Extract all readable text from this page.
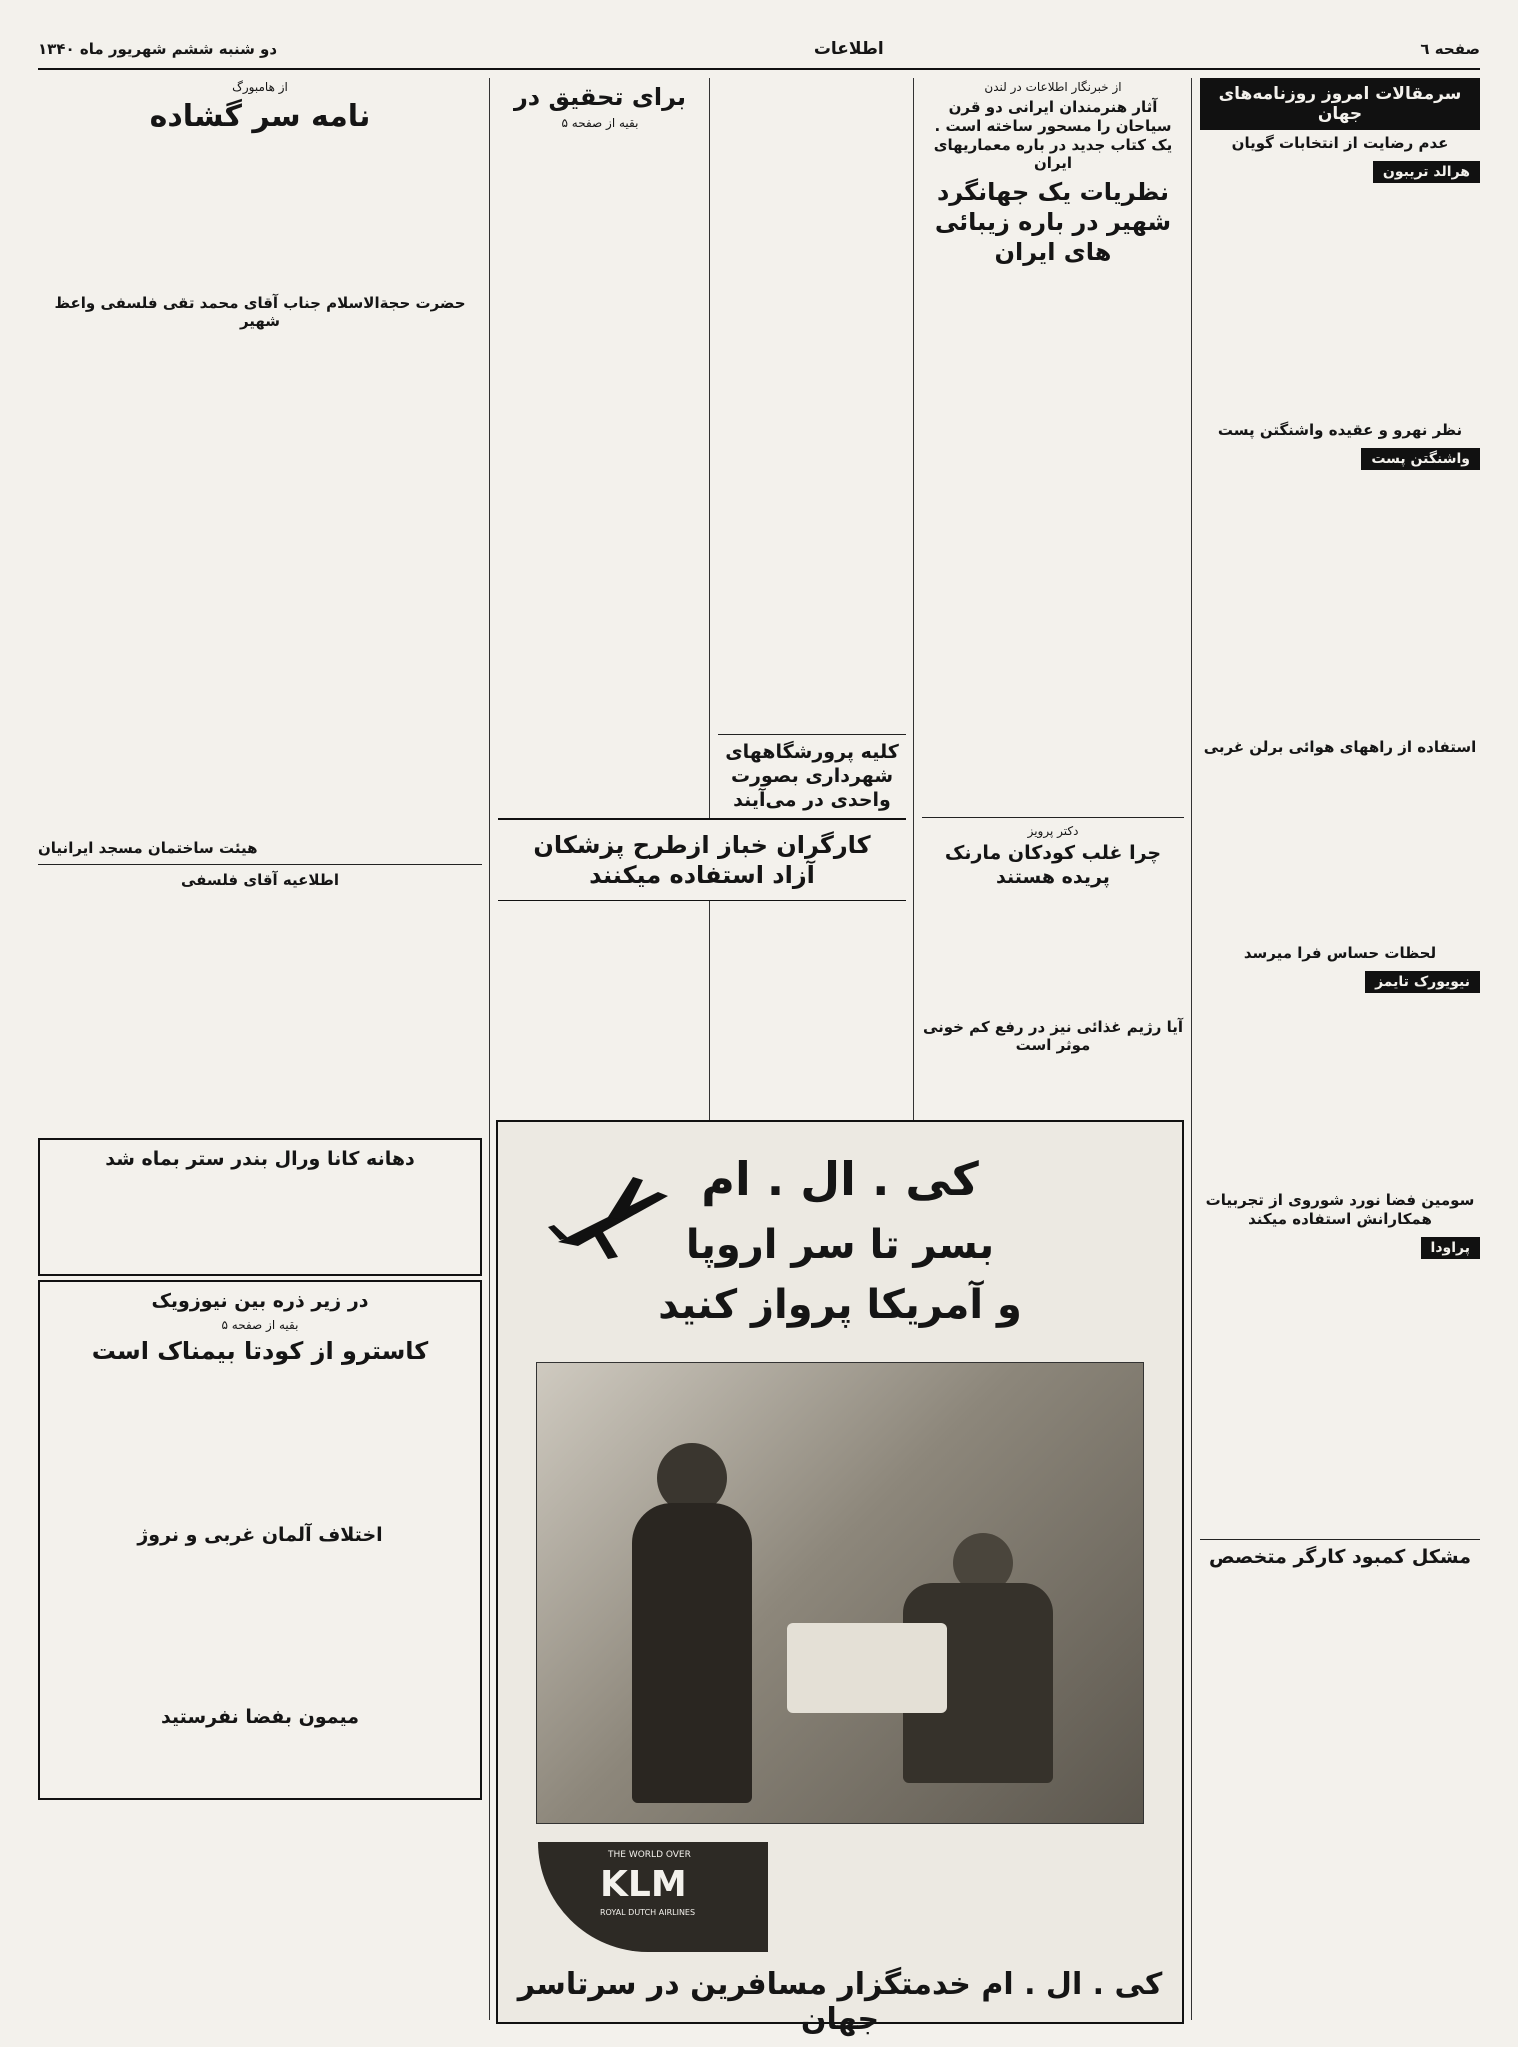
صفحه ٦
اطلاعات
دو شنبه ششم شهریور ماه ۱۳۴۰
سرمقالات امروز روزنامه‌های جهان
عدم رضایت از انتخابات گویان
هرالد تریبون
نظر نهرو و عقیده واشنگتن پست
واشنگتن پست
استفاده از راههای هوائی برلن غربی
لحظات حساس فرا میرسد
نیویورک تایمز
سومین فضا نورد شوروی از تجربیات همکارانش استفاده میکند
پراودا
مشکل کمبود کارگر متخصص
از خبرنگار اطلاعات در لندن
آثار هنرمندان ایرانی دو قرن سیاحان را مسحور ساخته است . یک کتاب جدید در باره معماریهای ایران
نظریات یک جهانگرد شهیر در باره زیبائی های ایران
دکتر پرویز
چرا غلب کودکان مارنک پریده هستند
آیا رژیم غذائی نیز در رفع کم خونی موثر است
کلیه پرورشگاههای شهرداری بصورت واحدی در می‌آیند
برای تحقیق در
بقیه از صفحه ۵
کارگران خباز ازطرح پزشکان آزاد استفاده میکنند
کی . ال . ام
بسر تا سر اروپا
و آمریکا پرواز کنید
THE WORLD OVER
KLM
ROYAL DUTCH AIRLINES
کی . ال . ام خدمتگزار مسافرین در سرتاسر جهان
از هامبورگ
نامه سر گشاده
حضرت حجةالاسلام جناب آقای محمد تقی فلسفی واعظ شهیر
هیئت ساختمان مسجد ایرانیان
اطلاعیه آقای فلسفی
دهانه کانا ورال بندر ستر بماه شد
در زیر ذره بین نیوزویک
بقیه از صفحه ۵
کاسترو از کودتا بیمناک است
اختلاف آلمان غربی و نروژ
میمون بفضا نفرستید
